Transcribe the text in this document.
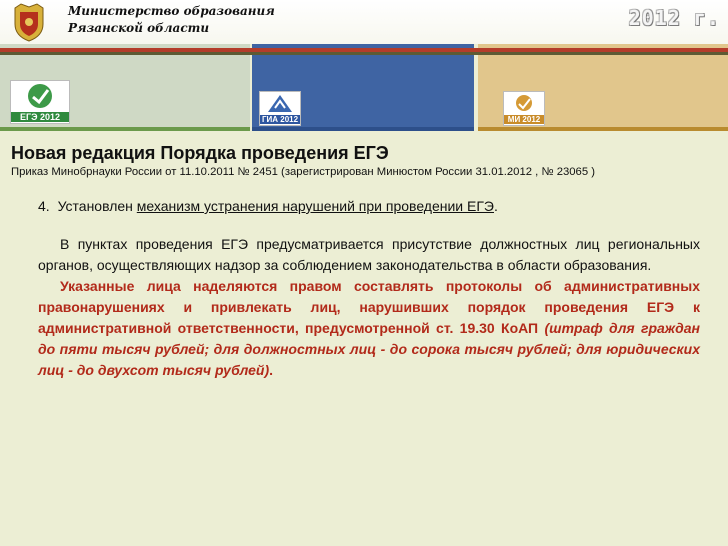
Министерство образования
Рязанской области	2012 г.
ЕГЭ 2012	ГИА 2012	МИ 2012
Новая редакция Порядка проведения ЕГЭ
Приказ Минобрнауки России от 11.10.2011 № 2451 (зарегистрирован Минюстом России 31.01.2012 , № 23065 )

4. Установлен механизм устранения нарушений при проведении ЕГЭ.

В пунктах проведения ЕГЭ предусматривается присутствие должностных лиц региональных органов, осуществляющих надзор за соблюдением законодательства в области образования.

Указанные лица наделяются правом составлять протоколы об административных правонарушениях и привлекать лиц, нарушивших порядок проведения ЕГЭ к административной ответственности, предусмотренной ст. 19.30 КоАП (штраф для граждан до пяти тысяч рублей; для должностных лиц - до сорока тысяч рублей; для юридических лиц - до двухсот тысяч рублей).
